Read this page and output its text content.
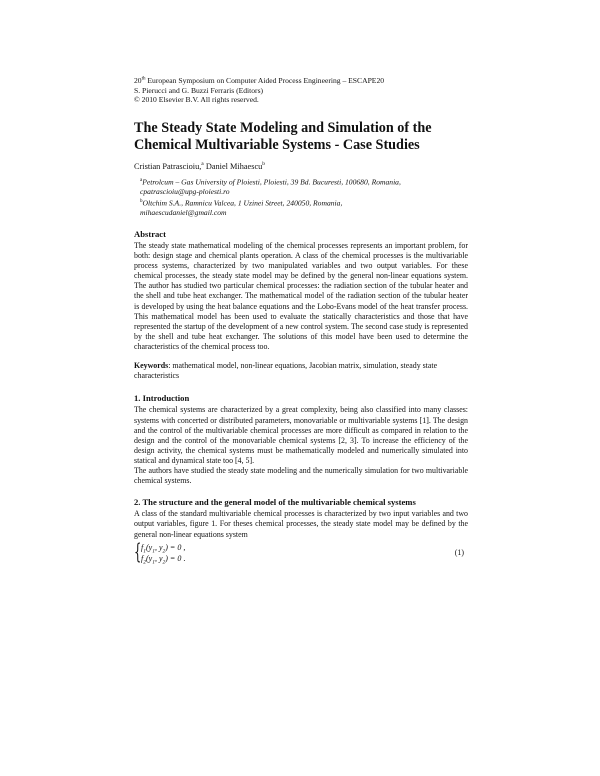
20th European Symposium on Computer Aided Process Engineering – ESCAPE20
S. Pierucci and G. Buzzi Ferraris (Editors)
© 2010 Elsevier B.V. All rights reserved.
The Steady State Modeling and Simulation of the
Chemical Multivariable Systems - Case Studies
Cristian Patrascioiu,$^a$ Daniel Mihaescu$^b$
$^a$Petrolcum – Gas University of Ploiesti, Ploiesti, 39 Bd. Bucuresti, 100680, Romania,
cpatrascioiu@upg-ploiesti.ro
$^b$Oltchim S.A., Ramnicu Valcea, 1 Uzinei Street, 240050, Romania,
mihaescudaniel@gmail.com
Abstract
The steady state mathematical modeling of the chemical processes represents an important problem, for both: design stage and chemical plants operation. A class of the chemical processes is the multivariable process systems, characterized by two manipulated variables and two output variables. For these chemical processes, the steady state model may be defined by the general non-linear equations system. The author has studied two particular chemical processes: the radiation section of the tubular heater and the shell and tube heat exchanger. The mathematical model of the radiation section of the tubular heater is developed by using the heat balance equations and the Lobo-Evans model of the heat transfer process. This mathematical model has been used to evaluate the statically characteristics and those that have represented the startup of the development of a new control system. The second case study is represented by the shell and tube heat exchanger. The solutions of this model have been used to determine the characteristics of the chemical process too.
Keywords: mathematical model, non-linear equations, Jacobian matrix, simulation, steady state characteristics
1. Introduction
The chemical systems are characterized by a great complexity, being also classified into many classes: systems with concerted or distributed parameters, monovariable or multivariable systems [1]. The design and the control of the multivariable chemical processes are more difficult as compared in relation to the design and the control of the monovariable chemical systems [2, 3]. To increase the efficiency of the design activity, the chemical systems must be mathematically modeled and numerically simulated into statical and dynamical state too [4, 5].
The authors have studied the steady state modeling and the numerically simulation for two multivariable chemical systems.
2. The structure and the general model of the multivariable chemical systems
A class of the standard multivariable chemical processes is characterized by two input variables and two output variables, figure 1. For theses chemical processes, the steady state model may be defined by the general non-linear equations system
{ $f_1(y_1$, $y_2) = 0$ ,
$f_2(y_1$, $y_2) = 0$ .
(1)
